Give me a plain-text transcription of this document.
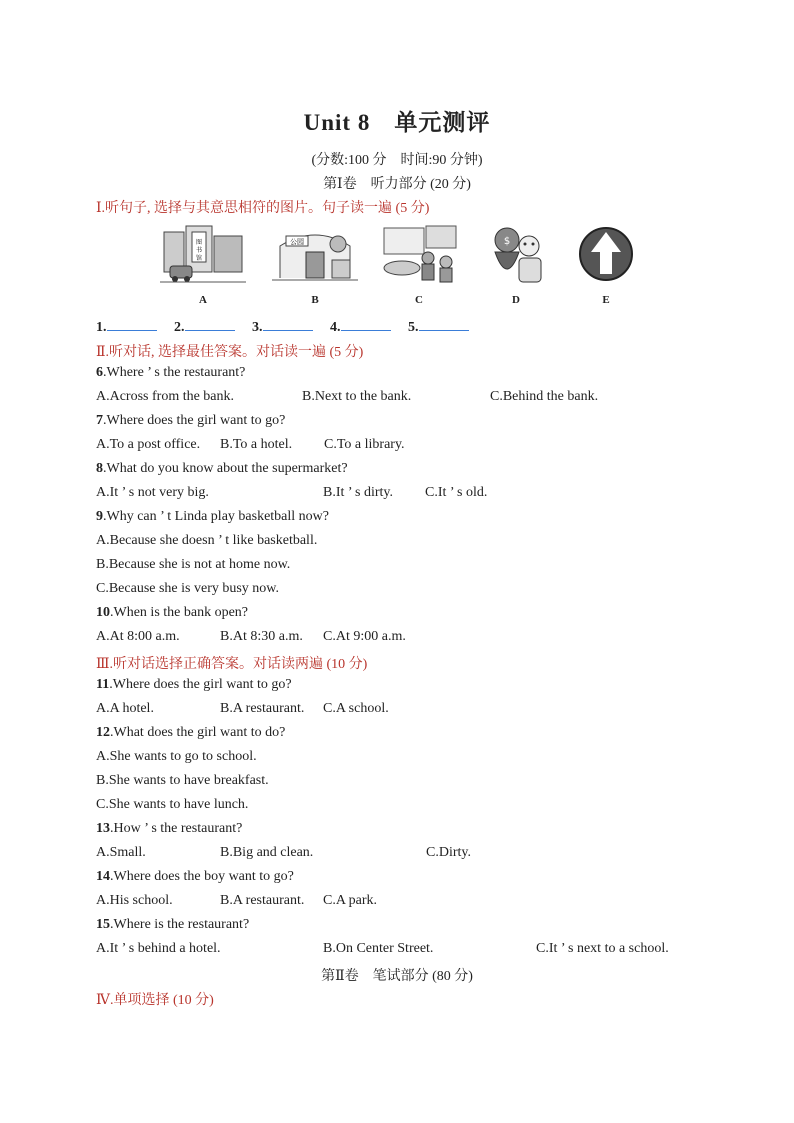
Unit 8　单元测评
(分数:100 分　时间:90 分钟)
第Ⅰ卷　听力部分 (20 分)
Ⅰ.听句子, 选择与其意思相符的图片。句子读一遍 (5 分)
图
书
馆
A
公园
B	C
$
D	E
1.	2.	3.	4.	5.
Ⅱ.听对话, 选择最佳答案。对话读一遍 (5 分)
6.Where ’ s the restaurant?
A.Across from the bank.	B.Next to the bank.	C.Behind the bank.
7.Where does the girl want to go?
A.To a post office. B.To a hotel. C.To a library.
8.What do you know about the supermarket?
A.It ’ s not very big.	B.It ’ s dirty. C.It ’ s old.
9.Why can ’ t Linda play basketball now?
A.Because she doesn ’ t like basketball.
B.Because she is not at home now.
C.Because she is very busy now.
10.When is the bank open?
A.At 8:00 a.m.	B.At 8:30 a.m. C.At 9:00 a.m.
Ⅲ.听对话选择正确答案。对话读两遍 (10 分)
11.Where does the girl want to go?
A.A hotel.	B.A restaurant. C.A school.
12.What does the girl want to do?
A.She wants to go to school.
B.She wants to have breakfast.
C.She wants to have lunch.
13.How ’ s the restaurant?
A.Small.	B.Big and clean.	C.Dirty.
14.Where does the boy want to go?
A.His school.	B.A restaurant. C.A park.
15.Where is the restaurant?
A.It ’ s behind a hotel.	B.On Center Street.	C.It ’ s next to a school.
第Ⅱ卷　笔试部分 (80 分)
Ⅳ.单项选择 (10 分)
